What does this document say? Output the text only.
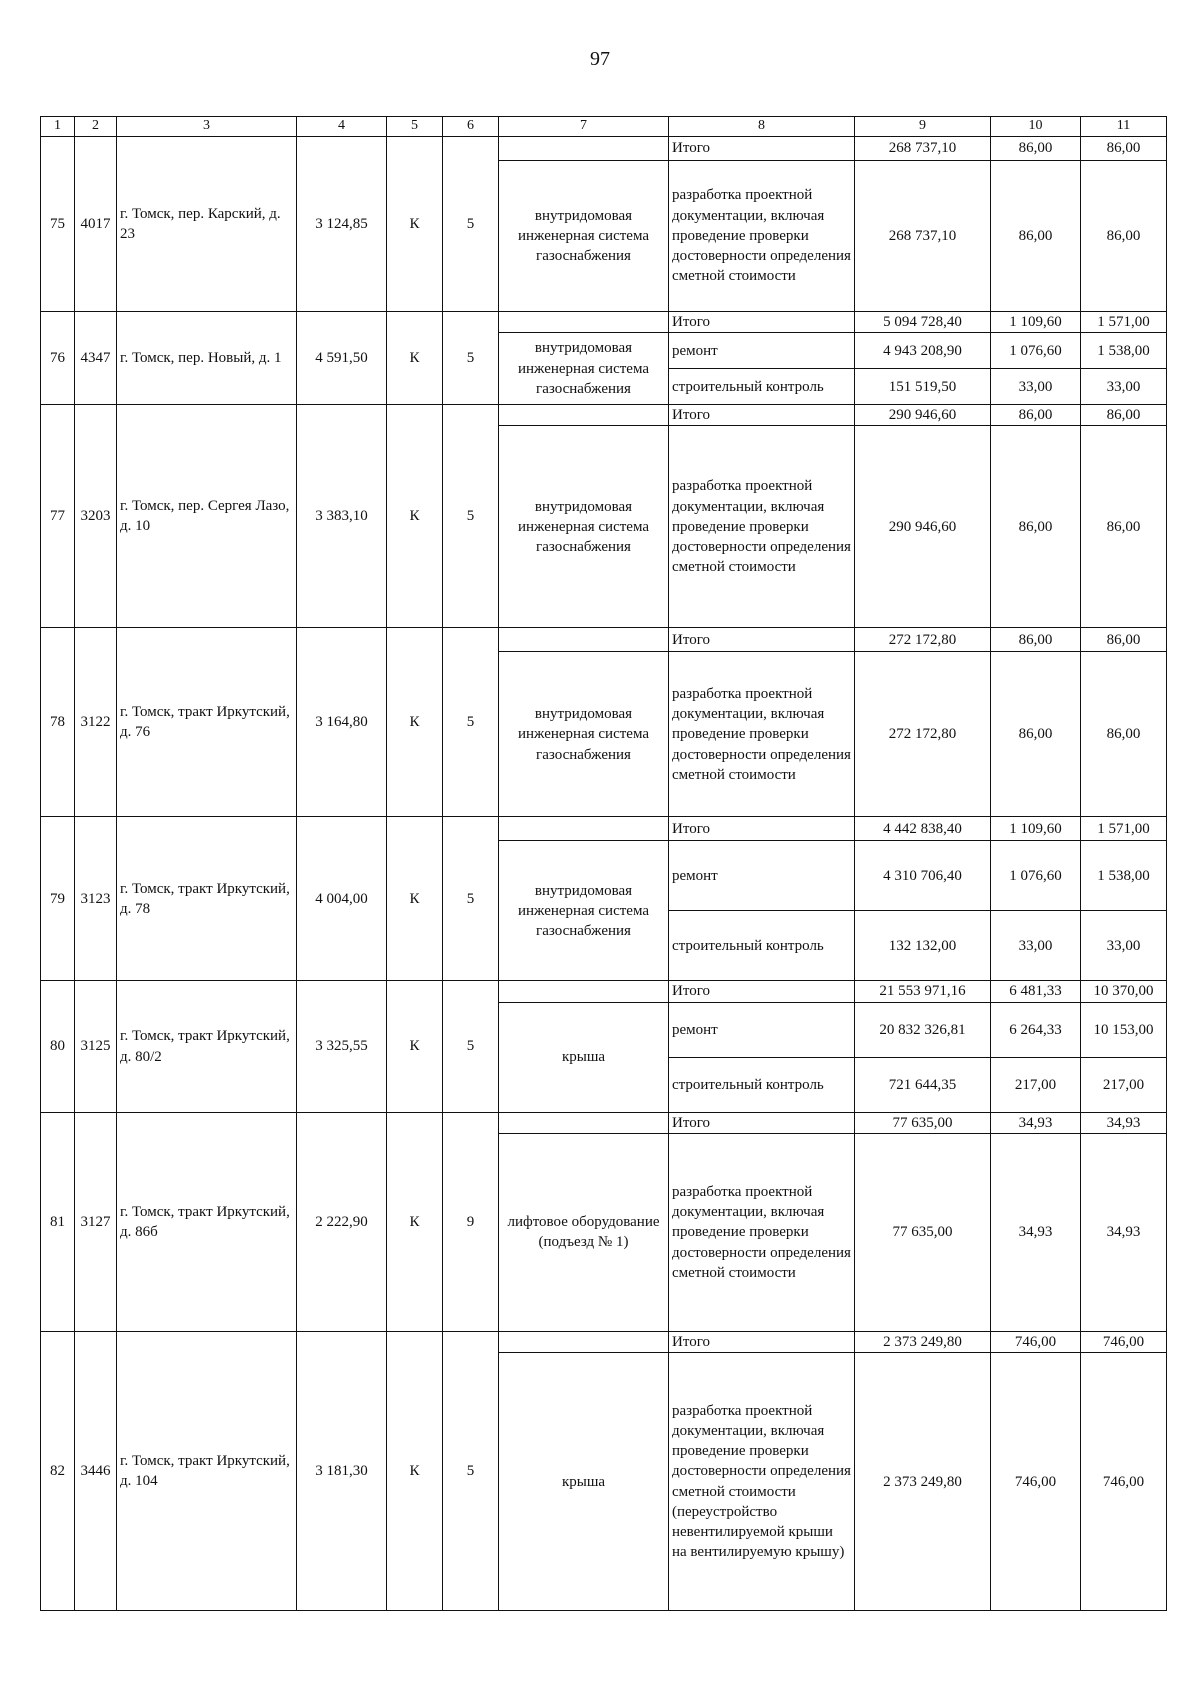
97
1	2	3	4	5	6	7	8	9	10	11
75	4017	г. Томск, пер. Карский, д. 23	3 124,85	К	5		Итого	268 737,10	86,00	86,00
						внутридомовая инженерная система газоснабжения	разработка проектной документации, включая проведение проверки достоверности определения сметной стоимости	268 737,10	86,00	86,00
76	4347	г. Томск, пер. Новый, д. 1	4 591,50	К	5		Итого	5 094 728,40	1 109,60	1 571,00
						внутридомовая инженерная система газоснабжения	ремонт	4 943 208,90	1 076,60	1 538,00
							строительный контроль	151 519,50	33,00	33,00
77	3203	г. Томск, пер. Сергея Лазо, д. 10	3 383,10	К	5		Итого	290 946,60	86,00	86,00
						внутридомовая инженерная система газоснабжения	разработка проектной документации, включая проведение проверки достоверности определения сметной стоимости	290 946,60	86,00	86,00
78	3122	г. Томск, тракт Иркутский, д. 76	3 164,80	К	5		Итого	272 172,80	86,00	86,00
						внутридомовая инженерная система газоснабжения	разработка проектной документации, включая проведение проверки достоверности определения сметной стоимости	272 172,80	86,00	86,00
79	3123	г. Томск, тракт Иркутский, д. 78	4 004,00	К	5		Итого	4 442 838,40	1 109,60	1 571,00
						внутридомовая инженерная система газоснабжения	ремонт	4 310 706,40	1 076,60	1 538,00
							строительный контроль	132 132,00	33,00	33,00
80	3125	г. Томск, тракт Иркутский, д. 80/2	3 325,55	К	5		Итого	21 553 971,16	6 481,33	10 370,00
						крыша	ремонт	20 832 326,81	6 264,33	10 153,00
							строительный контроль	721 644,35	217,00	217,00
81	3127	г. Томск, тракт Иркутский, д. 86б	2 222,90	К	9		Итого	77 635,00	34,93	34,93
						лифтовое оборудование (подъезд № 1)	разработка проектной документации, включая проведение проверки достоверности определения сметной стоимости	77 635,00	34,93	34,93
82	3446	г. Томск, тракт Иркутский, д. 104	3 181,30	К	5		Итого	2 373 249,80	746,00	746,00
						крыша	разработка проектной документации, включая проведение проверки достоверности определения сметной стоимости (переустройство невентилируемой крыши на вентилируемую крышу)	2 373 249,80	746,00	746,00
